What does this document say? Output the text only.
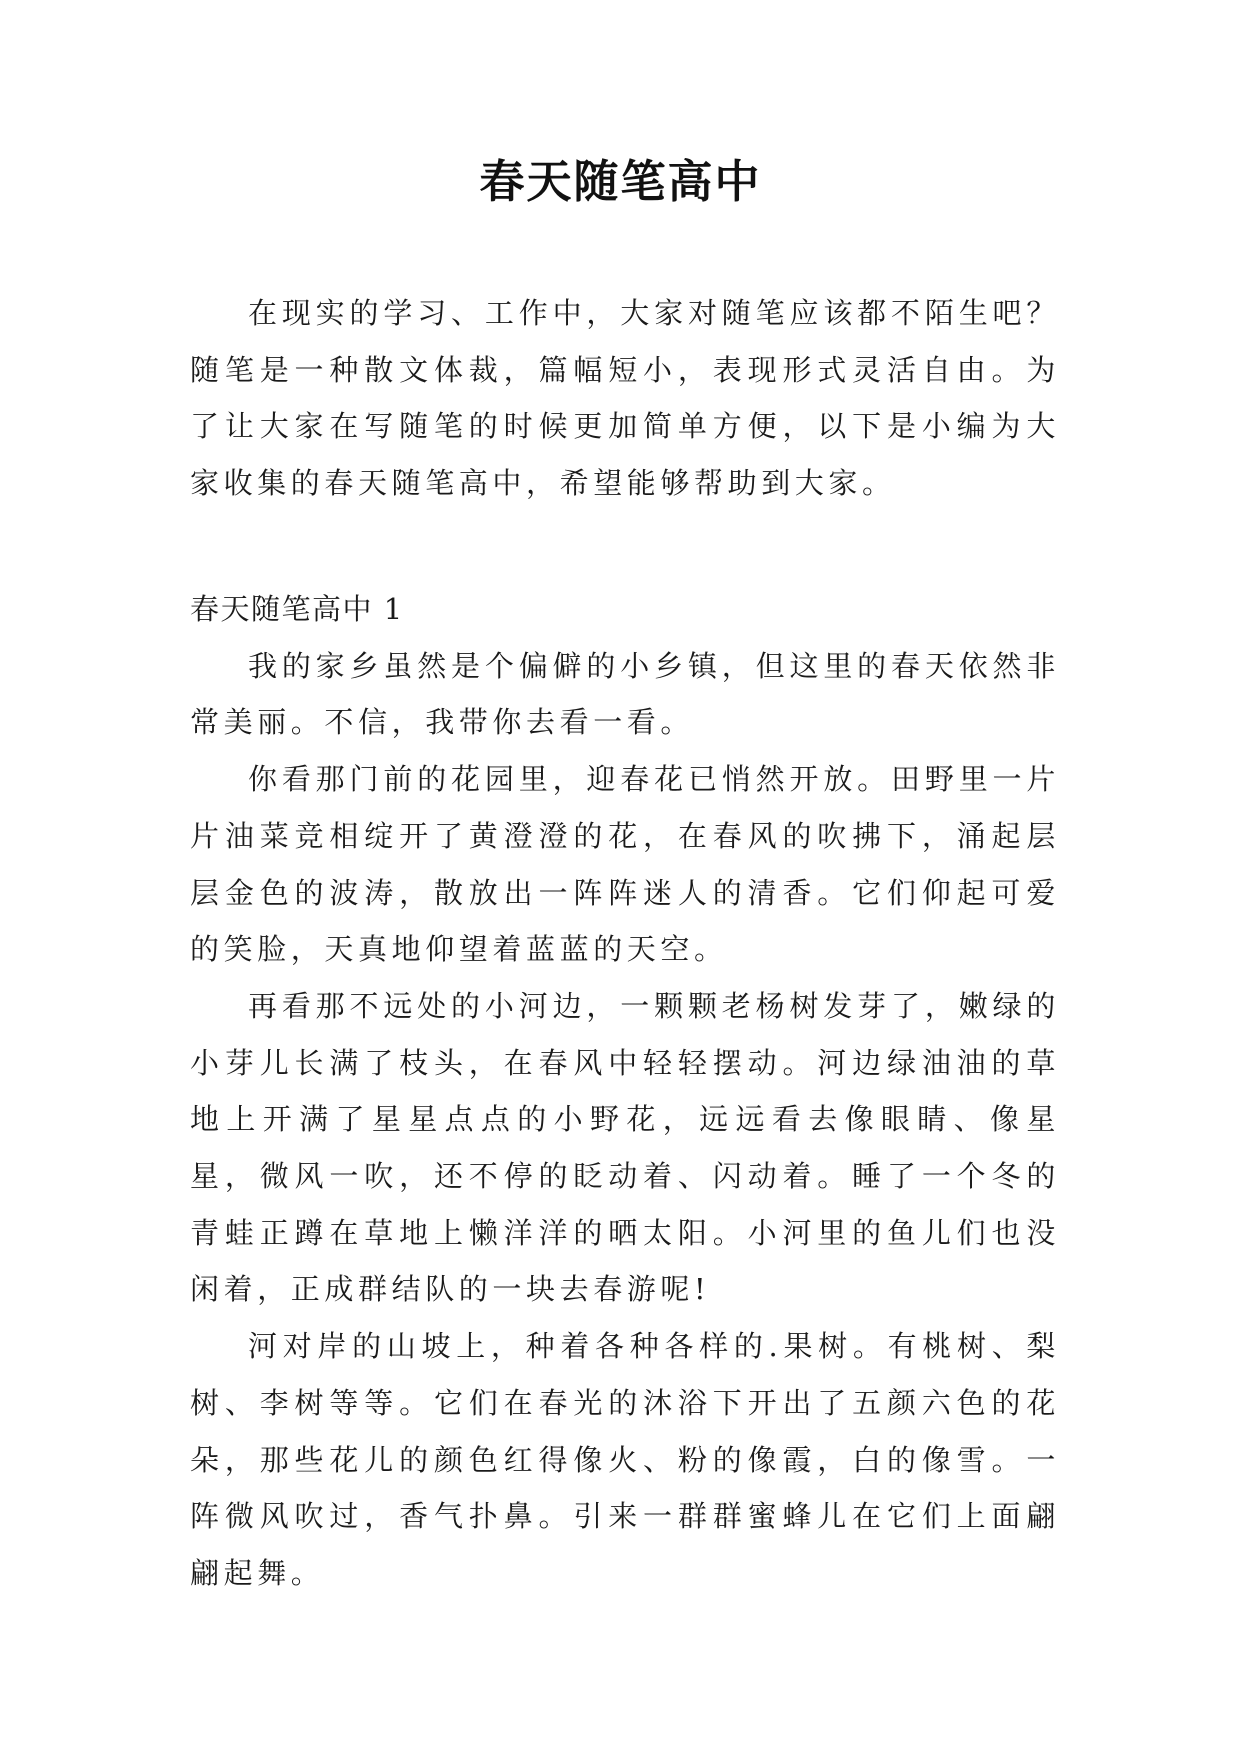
春天随笔高中

在现实的学习、工作中，大家对随笔应该都不陌生吧？随笔是一种散文体裁，篇幅短小，表现形式灵活自由。为了让大家在写随笔的时候更加简单方便，以下是小编为大家收集的春天随笔高中，希望能够帮助到大家。

春天随笔高中 1

我的家乡虽然是个偏僻的小乡镇，但这里的春天依然非常美丽。不信，我带你去看一看。

你看那门前的花园里，迎春花已悄然开放。田野里一片片油菜竞相绽开了黄澄澄的花，在春风的吹拂下，涌起层层金色的波涛，散放出一阵阵迷人的清香。它们仰起可爱的笑脸，天真地仰望着蓝蓝的天空。

再看那不远处的小河边，一颗颗老杨树发芽了，嫩绿的小芽儿长满了枝头，在春风中轻轻摆动。河边绿油油的草地上开满了星星点点的小野花，远远看去像眼睛、像星星，微风一吹，还不停的眨动着、闪动着。睡了一个冬的青蛙正蹲在草地上懒洋洋的晒太阳。小河里的鱼儿们也没闲着，正成群结队的一块去春游呢!

河对岸的山坡上，种着各种各样的.果树。有桃树、梨树、李树等等。它们在春光的沐浴下开出了五颜六色的花朵，那些花儿的颜色红得像火、粉的像霞，白的像雪。一阵微风吹过，香气扑鼻。引来一群群蜜蜂儿在它们上面翩翩起舞。
